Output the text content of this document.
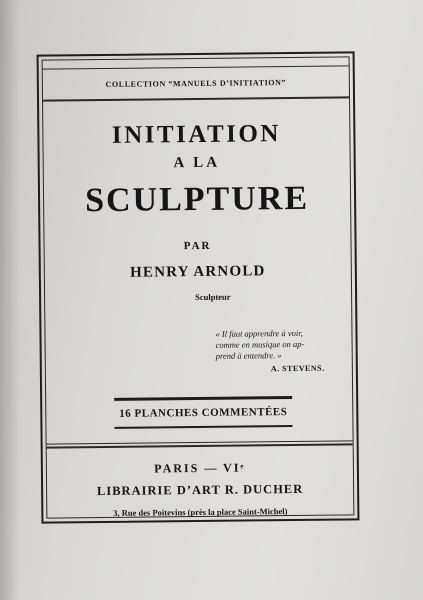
COLLECTION “MANUELS D’INITIATION”
INITIATION
A LA
SCULPTURE
PAR
HENRY ARNOLD
Sculpteur
« Il faut apprendre à voir,
comme en musique on ap-
prend à entendre. »
A. STEVENS.
16 PLANCHES COMMENTÉES
PARIS — VIᵉ
LIBRAIRIE D’ART R. DUCHER
3, Rue des Poitevins (près la place Saint-Michel)
